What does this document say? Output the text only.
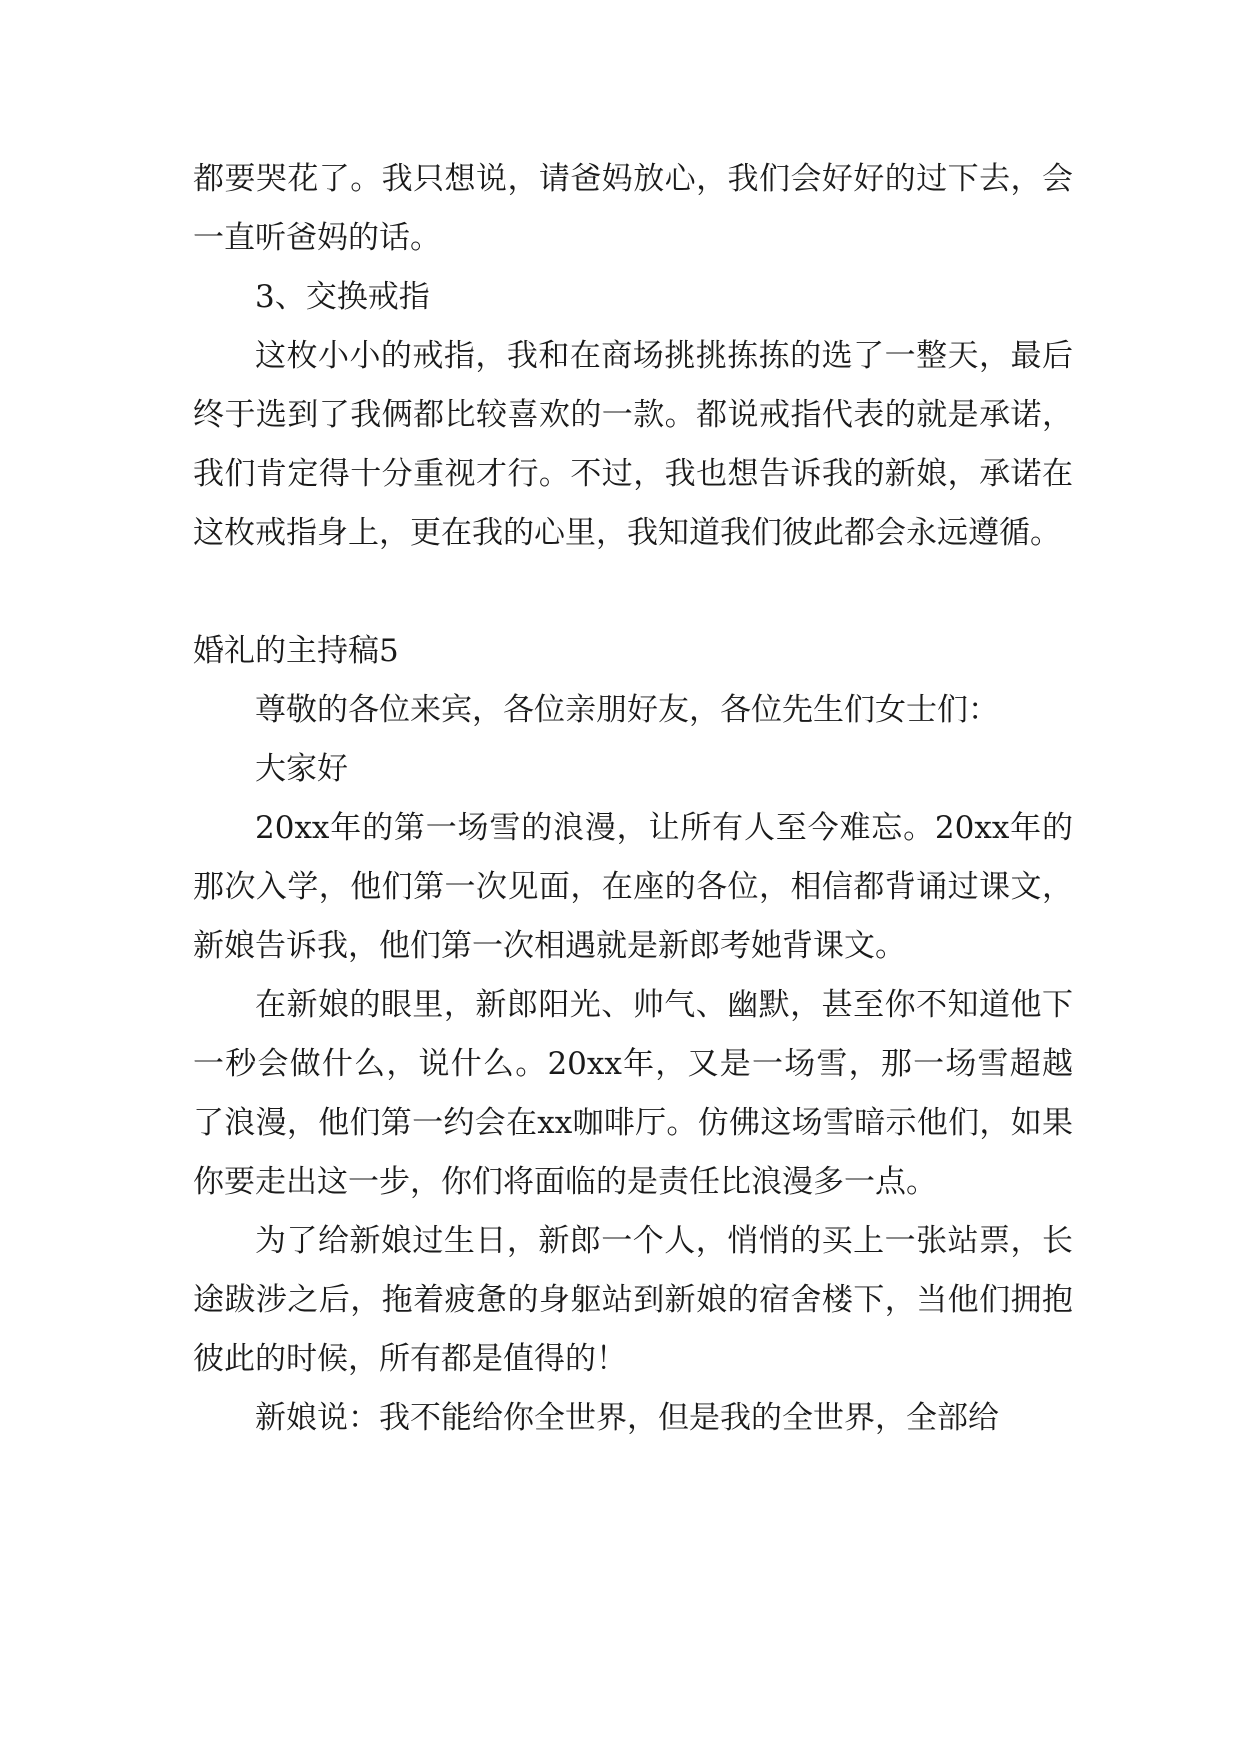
都要哭花了。我只想说，请爸妈放心，我们会好好的过下去，会一直听爸妈的话。

3、交换戒指

这枚小小的戒指，我和在商场挑挑拣拣的选了一整天，最后终于选到了我俩都比较喜欢的一款。都说戒指代表的就是承诺，我们肯定得十分重视才行。不过，我也想告诉我的新娘，承诺在这枚戒指身上，更在我的心里，我知道我们彼此都会永远遵循。

婚礼的主持稿5

尊敬的各位来宾，各位亲朋好友，各位先生们女士们：

大家好

20xx年的第一场雪的浪漫，让所有人至今难忘。20xx年的那次入学，他们第一次见面，在座的各位，相信都背诵过课文，新娘告诉我，他们第一次相遇就是新郎考她背课文。

在新娘的眼里，新郎阳光、帅气、幽默，甚至你不知道他下一秒会做什么，说什么。20xx年，又是一场雪，那一场雪超越了浪漫，他们第一约会在xx咖啡厅。仿佛这场雪暗示他们，如果你要走出这一步，你们将面临的是责任比浪漫多一点。

为了给新娘过生日，新郎一个人，悄悄的买上一张站票，长途跋涉之后，拖着疲惫的身躯站到新娘的宿舍楼下，当他们拥抱彼此的时候，所有都是值得的！

新娘说：我不能给你全世界，但是我的全世界，全部给
